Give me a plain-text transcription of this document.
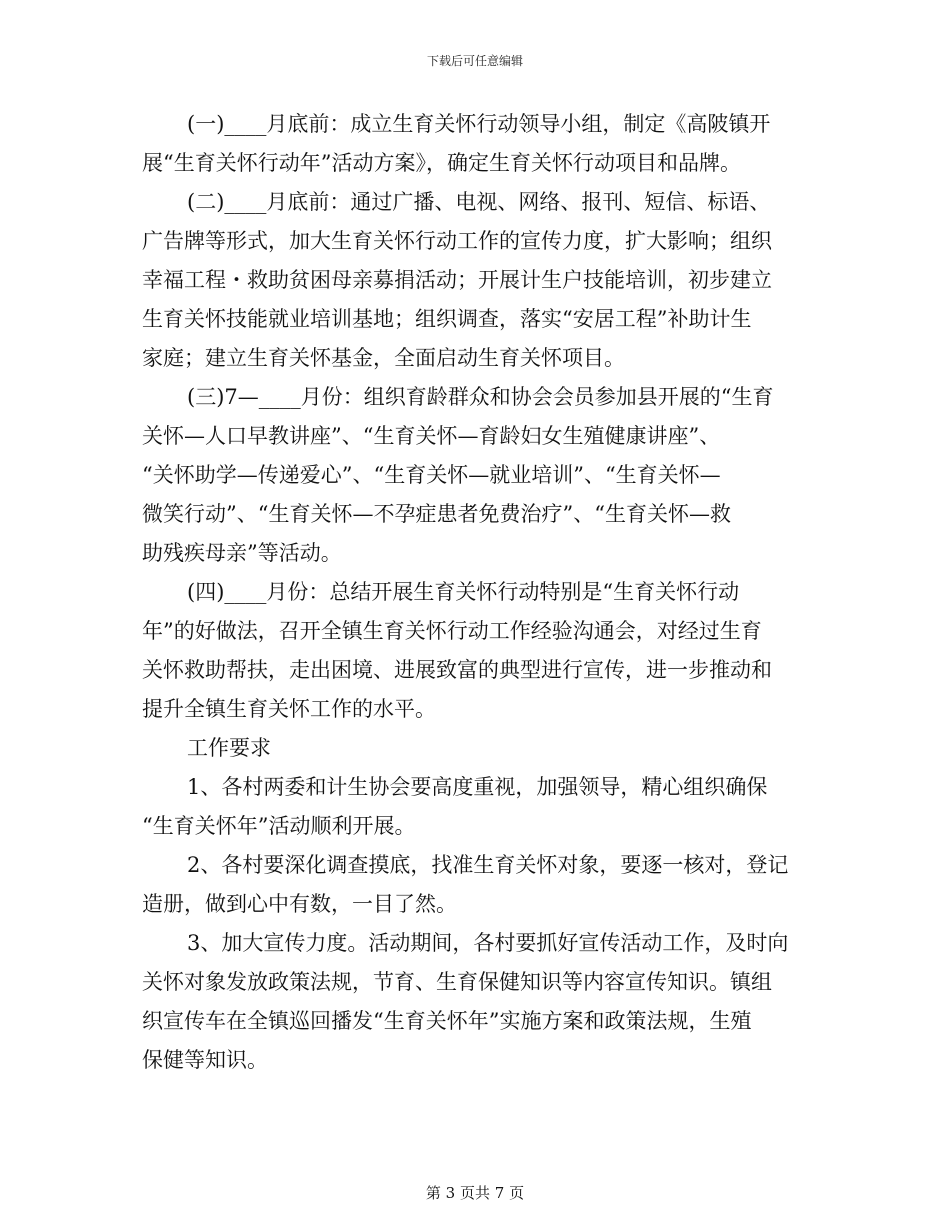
下载后可任意编辑
(一)____月底前：成立生育关怀行动领导小组，制定《高陂镇开
展“生育关怀行动年”活动方案》，确定生育关怀行动项目和品牌。
(二)____月底前：通过广播、电视、网络、报刊、短信、标语、
广告牌等形式，加大生育关怀行动工作的宣传力度，扩大影响；组织
幸福工程・救助贫困母亲募捐活动；开展计生户技能培训，初步建立
生育关怀技能就业培训基地；组织调查，落实“安居工程”补助计生
家庭；建立生育关怀基金，全面启动生育关怀项目。
(三)7—____月份：组织育龄群众和协会会员参加县开展的“生育
关怀—人口早教讲座”、“生育关怀—育龄妇女生殖健康讲座”、
“关怀助学—传递爱心”、“生育关怀—就业培训”、“生育关怀—
微笑行动”、“生育关怀—不孕症患者免费治疗”、“生育关怀—救
助残疾母亲”等活动。
(四)____月份：总结开展生育关怀行动特别是“生育关怀行动
年”的好做法，召开全镇生育关怀行动工作经验沟通会，对经过生育
关怀救助帮扶，走出困境、进展致富的典型进行宣传，进一步推动和
提升全镇生育关怀工作的水平。
工作要求
1、各村两委和计生协会要高度重视，加强领导，精心组织确保
“生育关怀年”活动顺利开展。
2、各村要深化调查摸底，找准生育关怀对象，要逐一核对，登记
造册，做到心中有数，一目了然。
3、加大宣传力度。活动期间，各村要抓好宣传活动工作，及时向
关怀对象发放政策法规，节育、生育保健知识等内容宣传知识。镇组
织宣传车在全镇巡回播发“生育关怀年”实施方案和政策法规，生殖
保健等知识。
第 3 页共 7 页
